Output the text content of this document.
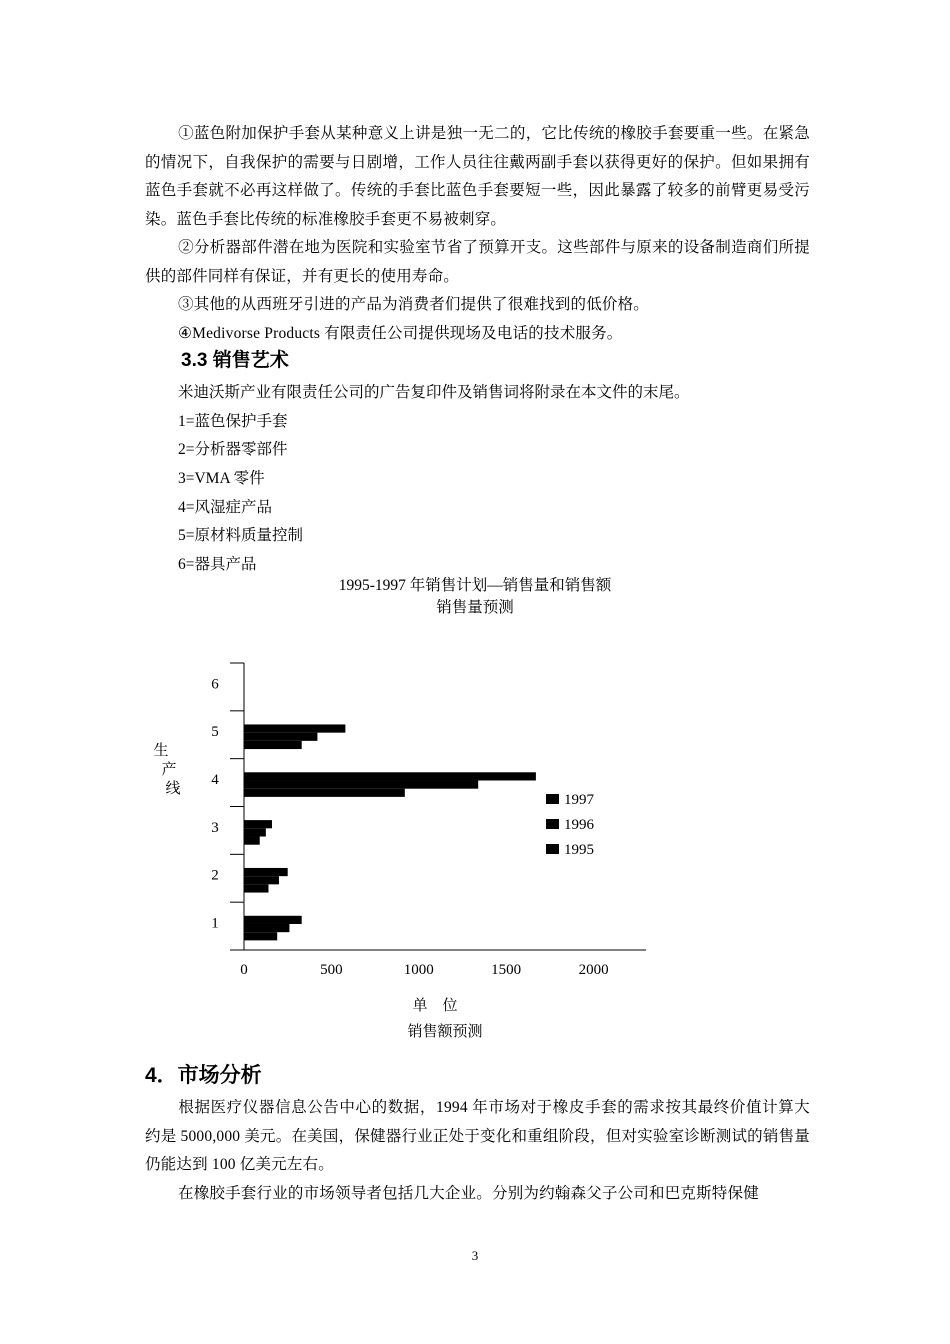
①蓝色附加保护手套从某种意义上讲是独一无二的，它比传统的橡胶手套要重一些。在紧急的情况下，自我保护的需要与日剧增，工作人员往往戴两副手套以获得更好的保护。但如果拥有蓝色手套就不必再这样做了。传统的手套比蓝色手套要短一些，因此暴露了较多的前臂更易受污染。蓝色手套比传统的标准橡胶手套更不易被刺穿。

②分析器部件潜在地为医院和实验室节省了预算开支。这些部件与原来的设备制造商们所提供的部件同样有保证，并有更长的使用寿命。

③其他的从西班牙引进的产品为消费者们提供了很难找到的低价格。

④Medivorse Products 有限责任公司提供现场及电话的技术服务。

3.3 销售艺术

米迪沃斯产业有限责任公司的广告复印件及销售词将附录在本文件的末尾。

1=蓝色保护手套

2=分析器零部件

3=VMA 零件

4=风湿症产品

5=原材料质量控制

6=器具产品

1995-1997 年销售计划—销售量和销售额

销售量预测

1
2
3
4
5
6
0	500	1000	1500	2000
单　位
销售额预测
生
产
线
1997
1996
1995
4．市场分析

根据医疗仪器信息公告中心的数据，1994 年市场对于橡皮手套的需求按其最终价值计算大约是 5000,000 美元。在美国，保健器行业正处于变化和重组阶段，但对实验室诊断测试的销售量仍能达到 100 亿美元左右。

在橡胶手套行业的市场领导者包括几大企业。分别为约翰森父子公司和巴克斯特保健

3
